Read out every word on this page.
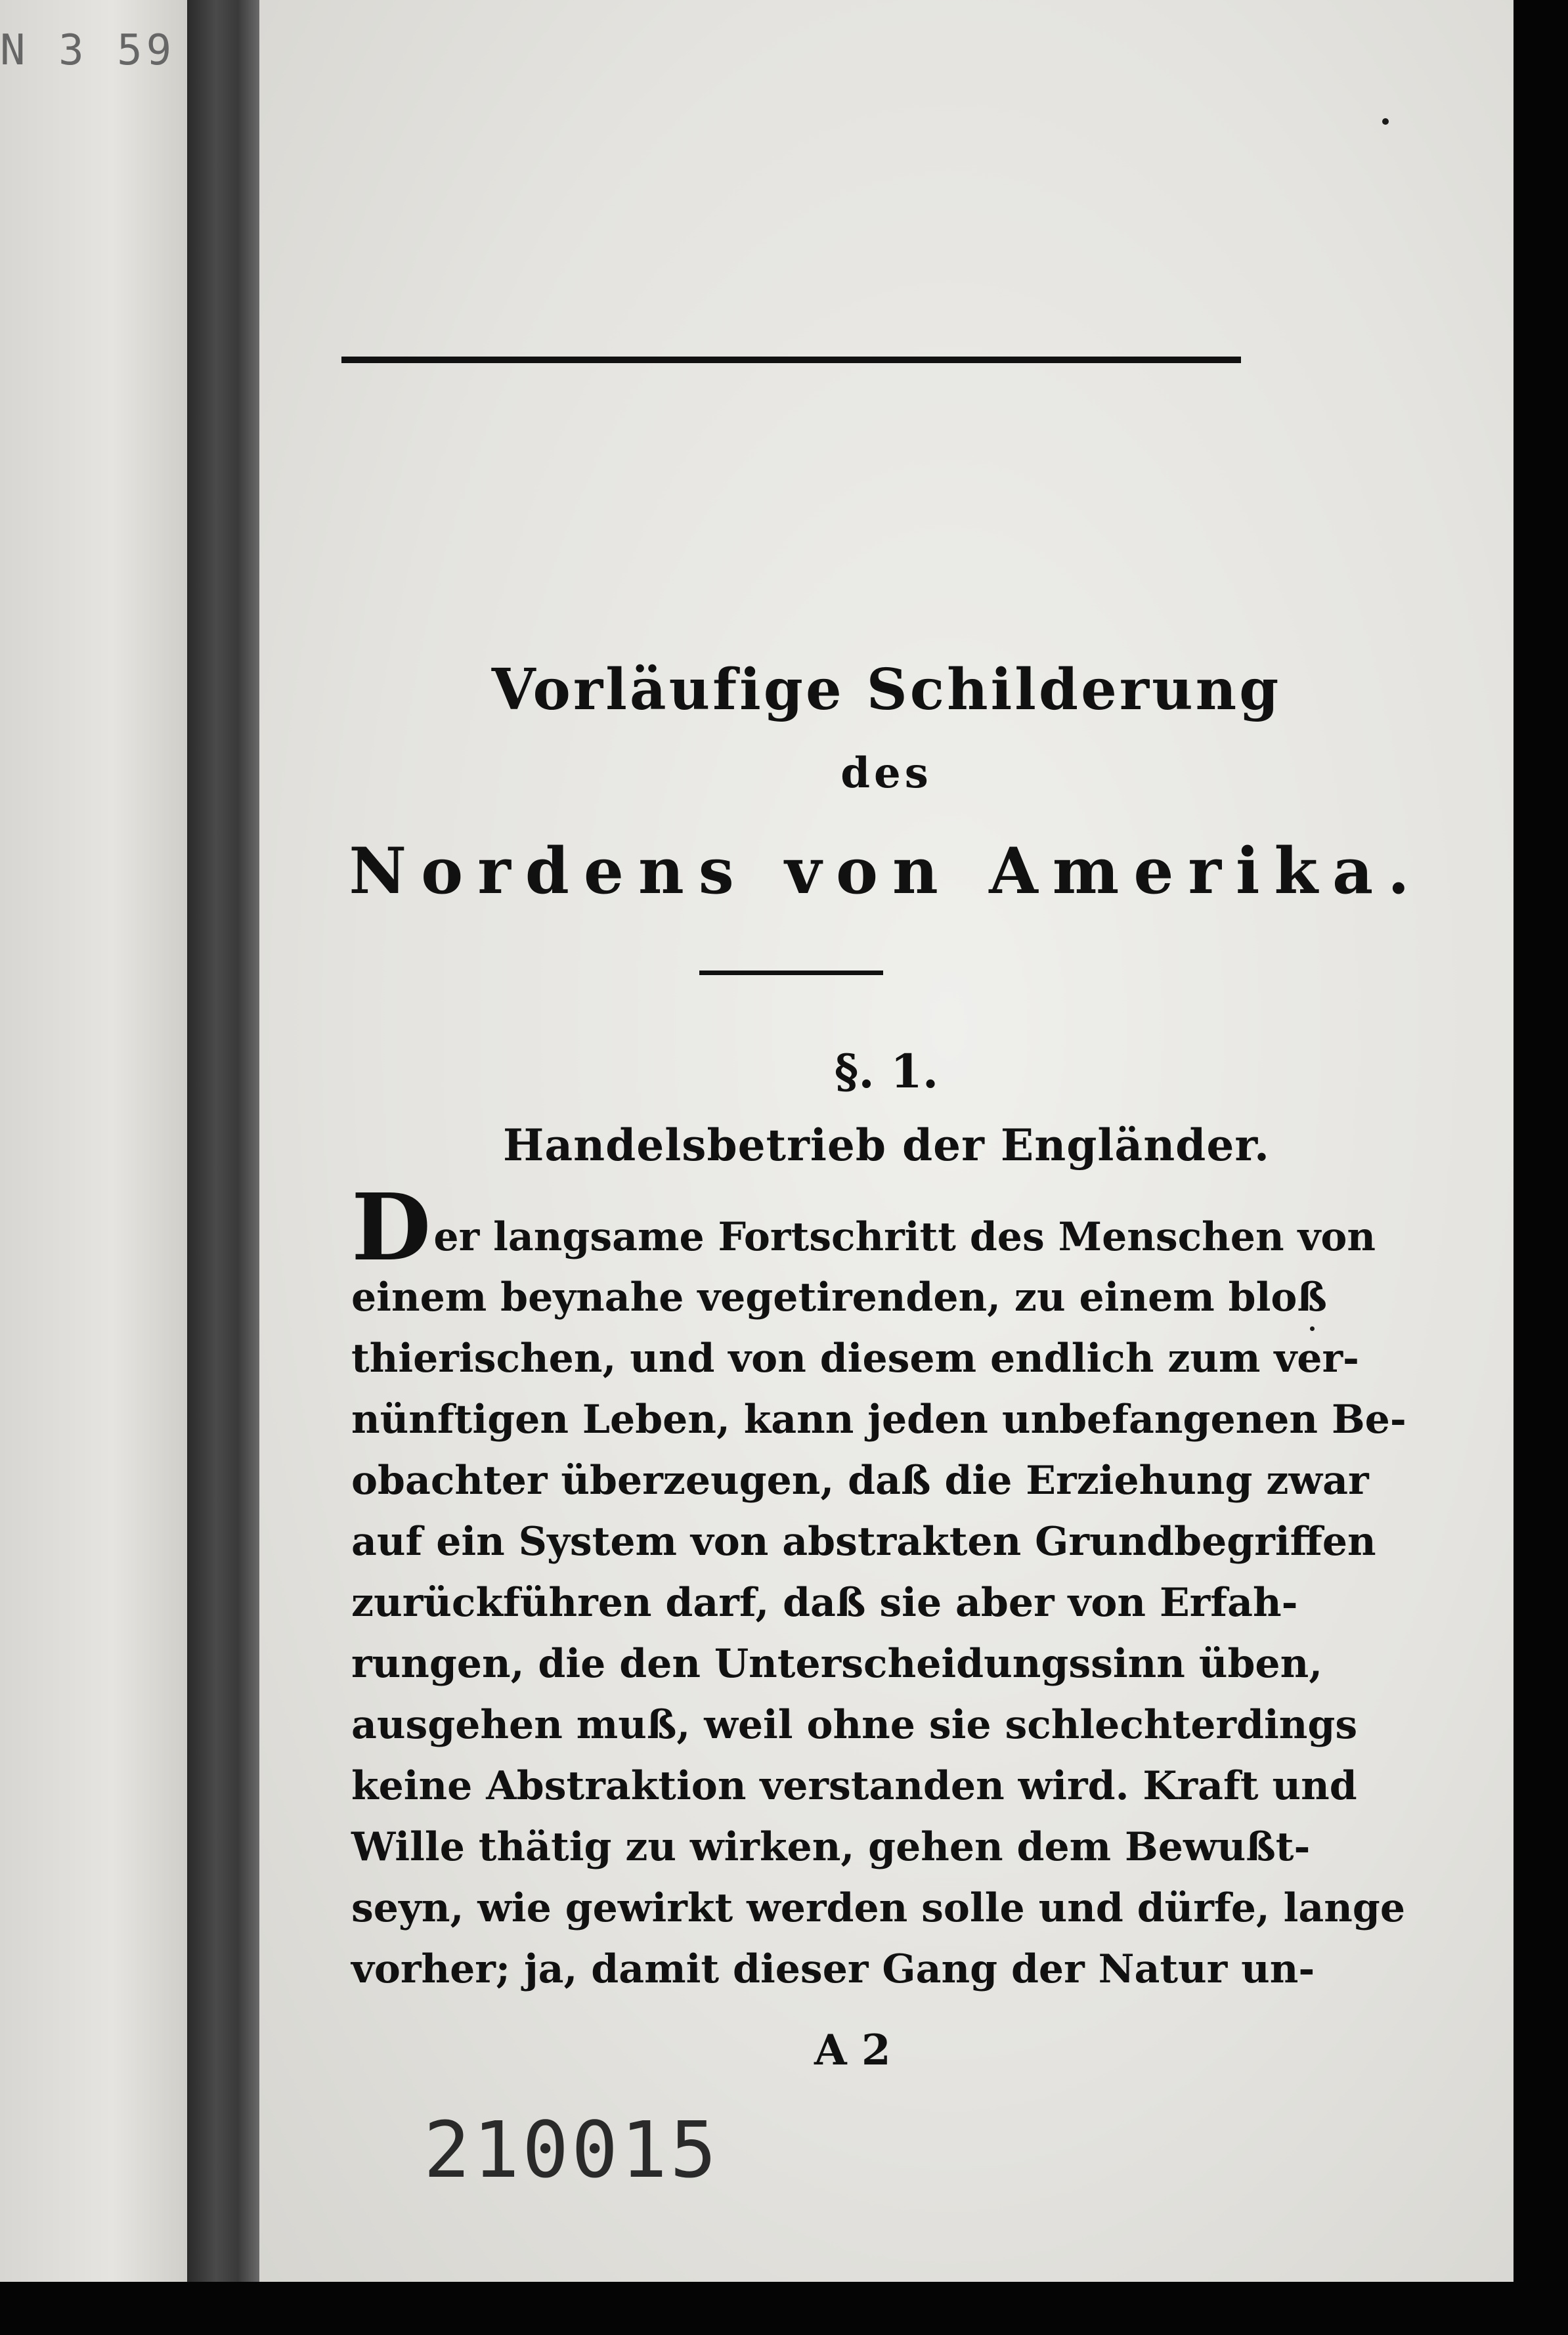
N 3 59
Vorläufige Schilderung
des
Nordens von Amerika.
§. 1.
Handelsbetrieb der Engländer.
Der langsame Fortschritt des Menschen von
einem beynahe vegetirenden, zu einem bloß
thierischen, und von diesem endlich zum ver-
nünftigen Leben, kann jeden unbefangenen Be-
obachter überzeugen, daß die Erziehung zwar
auf ein System von abstrakten Grundbegriffen
zurückführen darf, daß sie aber von Erfah-
rungen, die den Unterscheidungssinn üben,
ausgehen muß, weil ohne sie schlechterdings
keine Abstraktion verstanden wird. Kraft und
Wille thätig zu wirken, gehen dem Bewußt-
seyn, wie gewirkt werden solle und dürfe, lange
vorher; ja, damit dieser Gang der Natur un-
A 2
210015
